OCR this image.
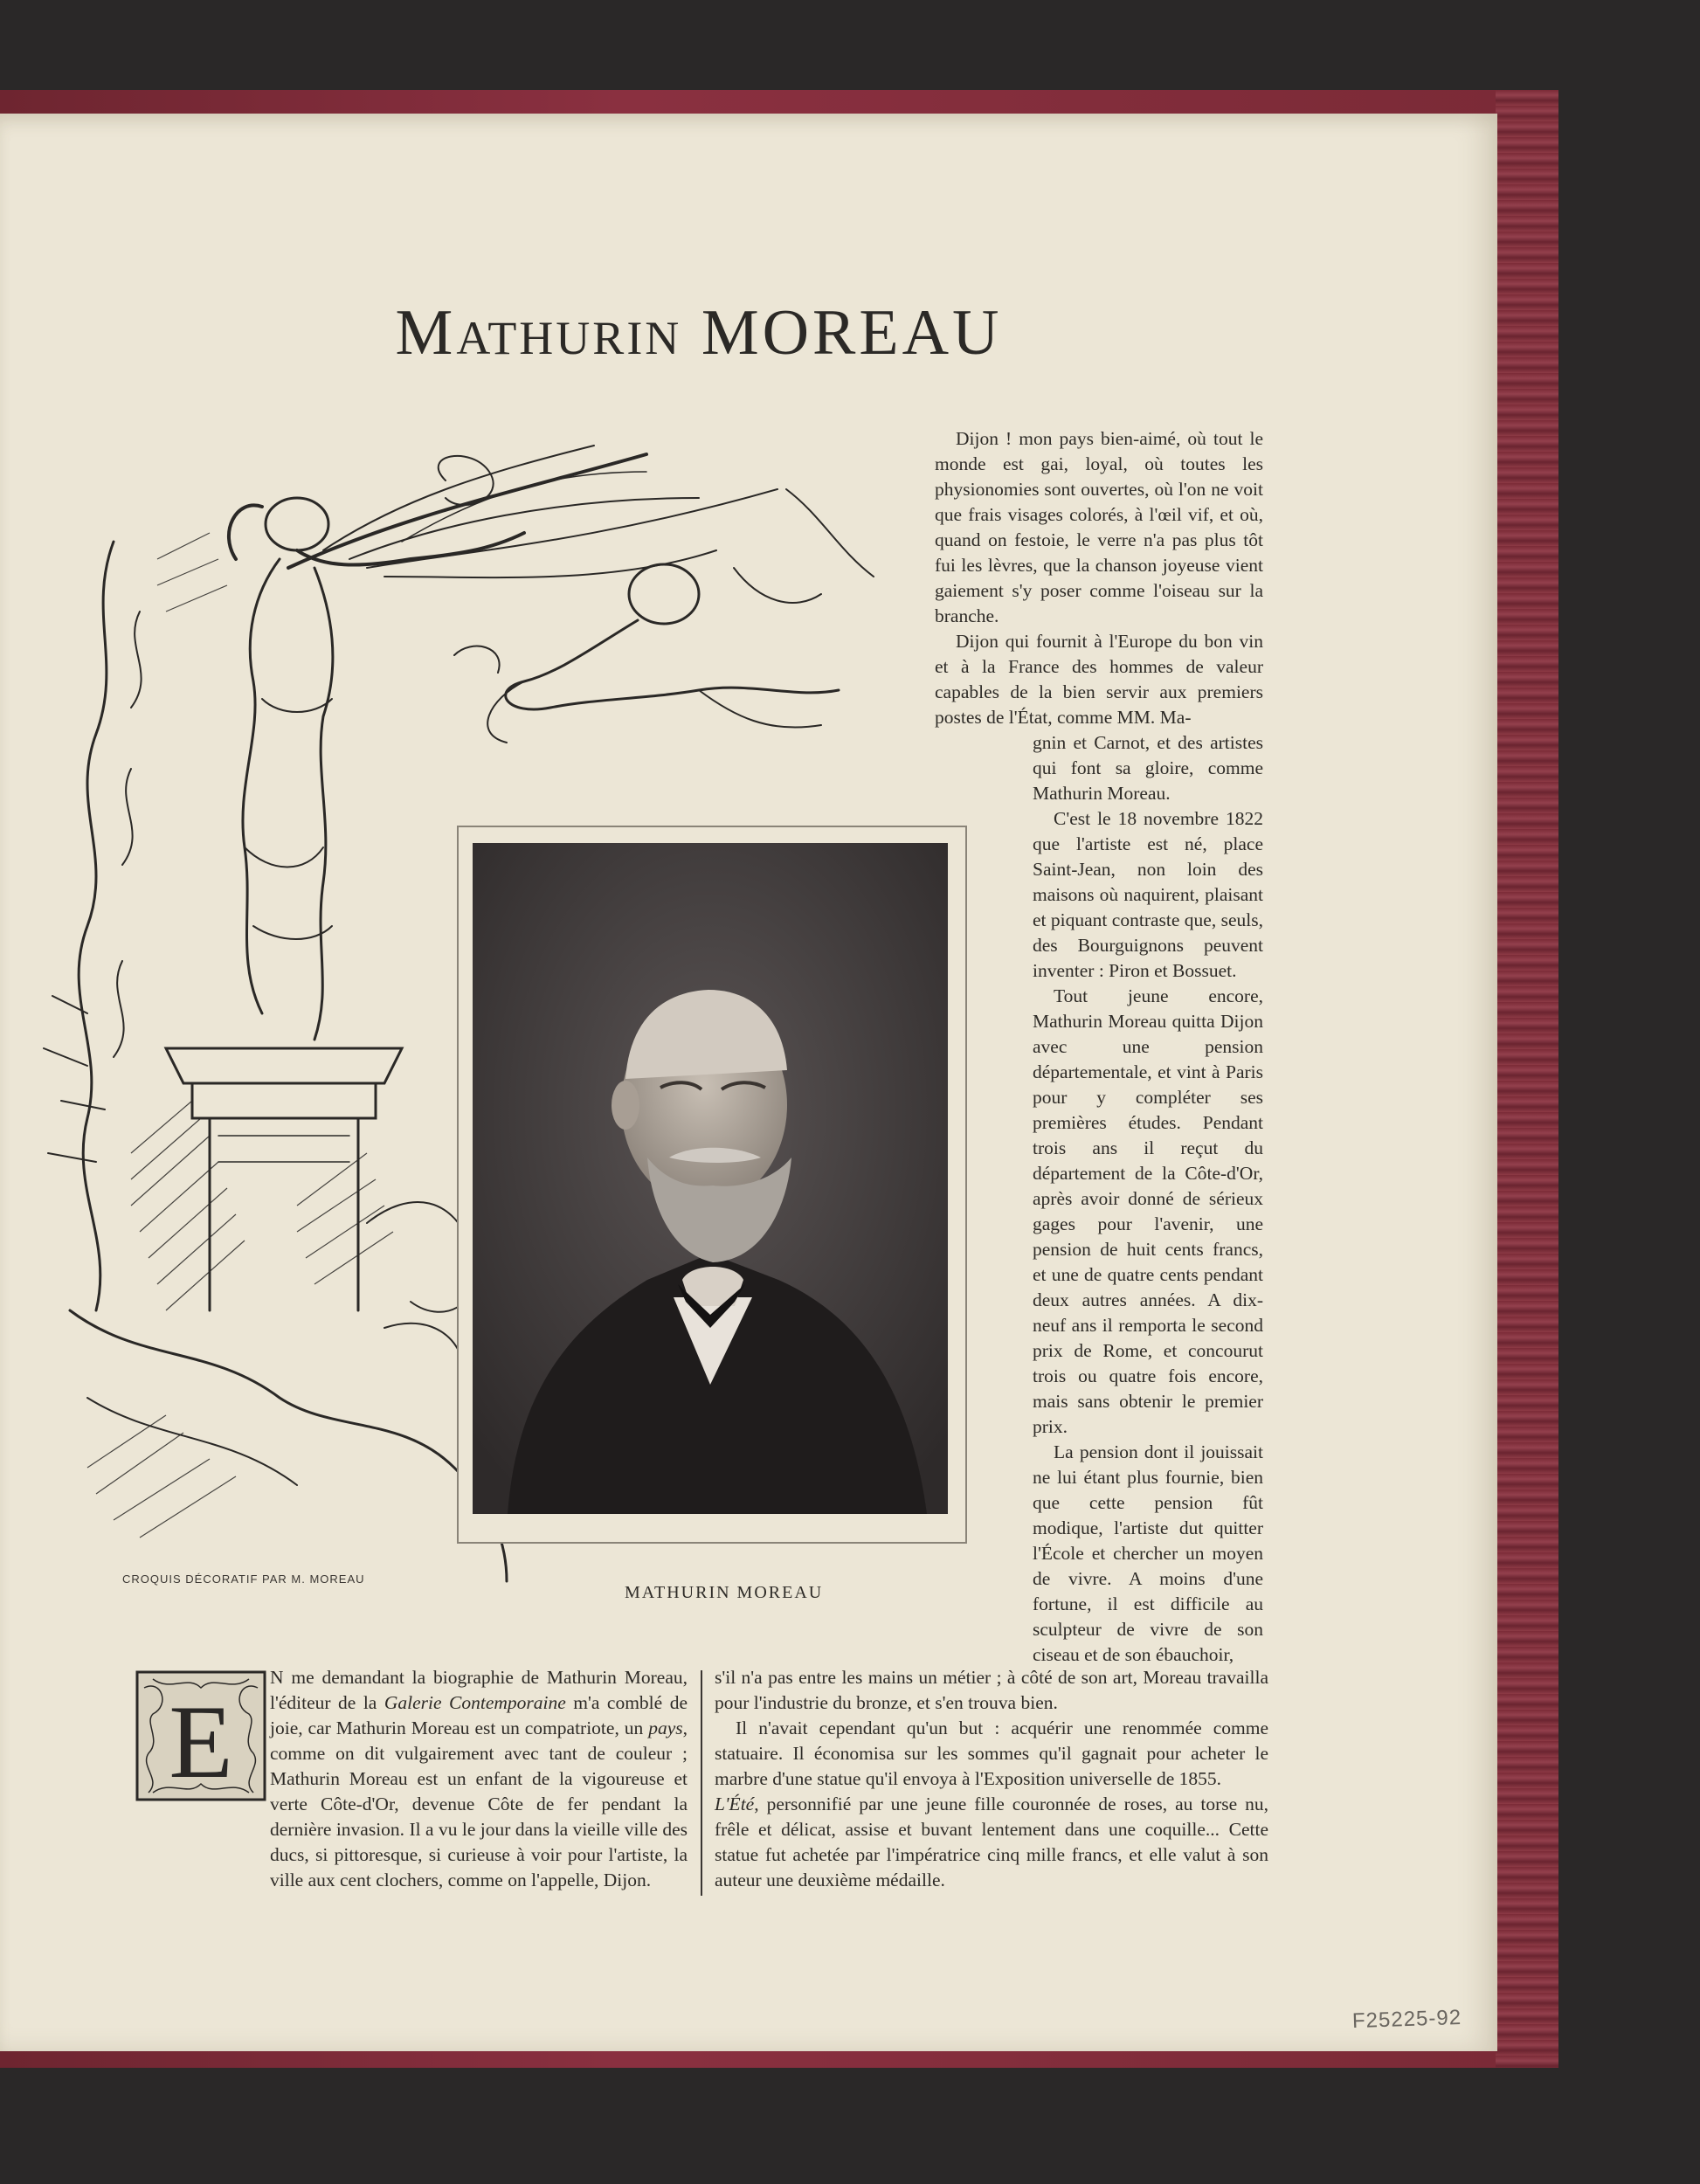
MATHURIN MOREAU
CROQUIS DÉCORATIF PAR M. MOREAU
MATHURIN MOREAU

Dijon ! mon pays bien-aimé, où tout le monde est gai, loyal, où toutes les physionomies sont ouvertes, où l'on ne voit que frais visages colorés, à l'œil vif, et où, quand on festoie, le verre n'a pas plus tôt fui les lèvres, que la chanson joyeuse vient gaiement s'y poser comme l'oiseau sur la branche.

Dijon qui fournit à l'Europe du bon vin et à la France des hommes de valeur capables de la bien servir aux premiers postes de l'État, comme MM. Ma-

gnin et Carnot, et des artistes qui font sa gloire, comme Mathurin Moreau.

C'est le 18 novembre 1822 que l'artiste est né, place Saint-Jean, non loin des maisons où naquirent, plaisant et piquant contraste que, seuls, des Bourguignons peuvent inventer : Piron et Bossuet.

Tout jeune encore, Mathurin Moreau quitta Dijon avec une pension départementale, et vint à Paris pour y compléter ses premières études. Pendant trois ans il reçut du département de la Côte-d'Or, après avoir donné de sérieux gages pour l'avenir, une pension de huit cents francs, et une de quatre cents pendant deux autres années. A dix-neuf ans il remporta le second prix de Rome, et concourut trois ou quatre fois encore, mais sans obtenir le premier prix.

La pension dont il jouissait ne lui étant plus fournie, bien que cette pension fût modique, l'artiste dut quitter l'École et chercher un moyen de vivre. A moins d'une fortune, il est difficile au sculpteur de vivre de son ciseau et de son ébauchoir,

E

N me demandant la biographie de Mathurin Moreau, l'éditeur de la Galerie Contemporaine m'a comblé de joie, car Mathurin Moreau est un compatriote, un pays, comme on dit vulgairement avec tant de couleur ; Mathurin Moreau est un enfant de la vigoureuse et verte Côte-d'Or, devenue Côte de fer pendant la dernière invasion. Il a vu le jour dans la vieille ville des ducs, si pittoresque, si curieuse à voir pour l'artiste, la ville aux cent clochers, comme on l'appelle, Dijon.

s'il n'a pas entre les mains un métier ; à côté de son art, Moreau travailla pour l'industrie du bronze, et s'en trouva bien.

Il n'avait cependant qu'un but : acquérir une renommée comme statuaire. Il économisa sur les sommes qu'il gagnait pour acheter le marbre d'une statue qu'il envoya à l'Exposition universelle de 1855.

L'Été, personnifié par une jeune fille couronnée de roses, au torse nu, frêle et délicat, assise et buvant lentement dans une coquille... Cette statue fut achetée par l'impératrice cinq mille francs, et elle valut à son auteur une deuxième médaille.

F25225-92
